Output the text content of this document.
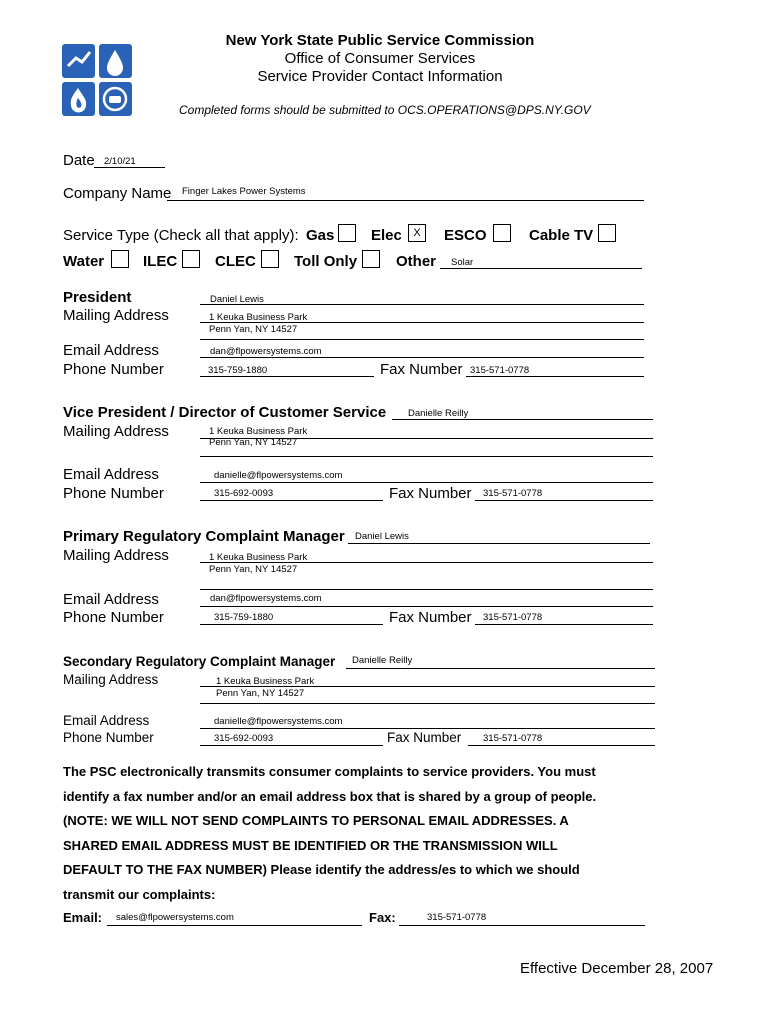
New York State Public Service Commission
Office of Consumer Services
Service Provider Contact Information
Completed forms should be submitted to OCS.OPERATIONS@DPS.NY.GOV
Date 2/10/21
Company Name Finger Lakes Power Systems
Service Type (Check all that apply): Gas Elec	X	ESCO	Cable TV
Water	ILEC	CLEC	Toll Only	Other Solar
President	Daniel Lewis
Mailing Address	1 Keuka Business Park
Penn Yan, NY 14527
Email Address	dan@flpowersystems.com
Phone Number	315-759-1880	Fax Number 315-571-0778
Vice President / Director of Customer Service Danielle Reilly
Mailing Address	1 Keuka Business Park
Penn Yan, NY 14527
Email Address	danielle@flpowersystems.com
Phone Number	315-692-0093	Fax Number 315-571-0778
Primary Regulatory Complaint Manager Daniel Lewis
Mailing Address	1 Keuka Business Park
Penn Yan, NY 14527
Email Address	dan@flpowersystems.com
Phone Number	315-759-1880	Fax Number 315-571-0778
Secondary Regulatory Complaint Manager Danielle Reilly
Mailing Address	1 Keuka Business Park
Penn Yan, NY 14527
Email Address	danielle@flpowersystems.com
Phone Number	315-692-0093	Fax Number 315-571-0778

The PSC electronically transmits consumer complaints to service providers. You must

identify a fax number and/or an email address box that is shared by a group of people.

(NOTE: WE WILL NOT SEND COMPLAINTS TO PERSONAL EMAIL ADDRESSES. A

SHARED EMAIL ADDRESS MUST BE IDENTIFIED OR THE TRANSMISSION WILL

DEFAULT TO THE FAX NUMBER) Please identify the address/es to which we should

transmit our complaints:

Email: sales@flpowersystems.com	Fax:	315-571-0778
Effective December 28, 2007
